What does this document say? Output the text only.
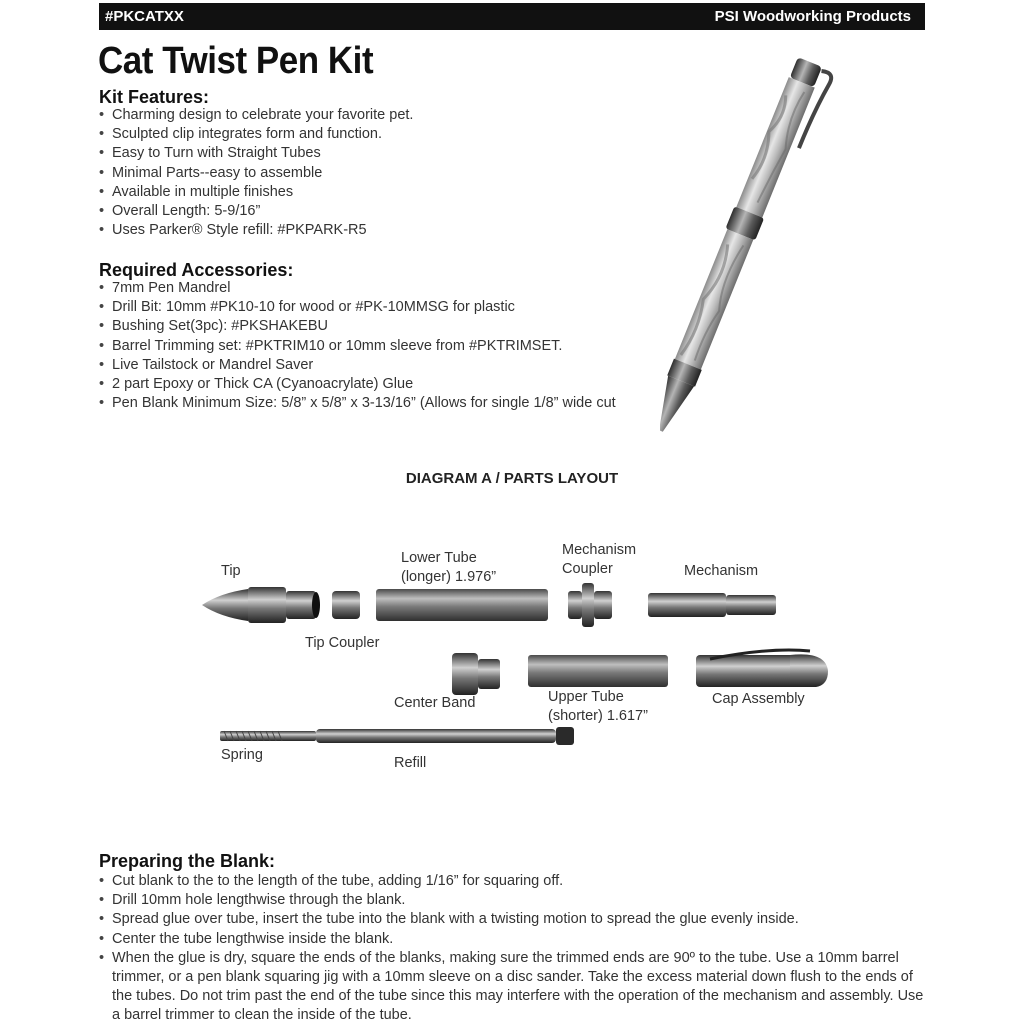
#PKCATXX	PSI Woodworking Products
Cat Twist Pen Kit
Kit Features:
• Charming design to celebrate your favorite pet.
• Sculpted clip integrates form and function.
• Easy to Turn with Straight Tubes
• Minimal Parts--easy to assemble
• Available in multiple finishes
• Overall Length: 5-9/16”
• Uses Parker® Style refill: #PKPARK-R5
Required Accessories:
• 7mm Pen Mandrel
• Drill Bit: 10mm #PK10-10 for wood or #PK-10MMSG for plastic
• Bushing Set(3pc): #PKSHAKEBU
• Barrel Trimming set: #PKTRIM10 or 10mm sleeve from #PKTRIMSET.
• Live Tailstock or Mandrel Saver
• 2 part Epoxy or Thick CA (Cyanoacrylate) Glue
• Pen Blank Minimum Size: 5/8” x 5/8” x 3-13/16” (Allows for single 1/8” wide cut
DIAGRAM A / PARTS LAYOUT
Tip
Lower Tube
(longer) 1.976”
Mechanism
Coupler	Mechanism
Tip Coupler
Center Band	Upper Tube
(shorter) 1.617”
Cap Assembly
Spring	Refill
Preparing the Blank:
• Cut blank to the to the length of the tube, adding 1/16” for squaring off.
• Drill 10mm hole lengthwise through the blank.
• Spread glue over tube, insert the tube into the blank with a twisting motion to spread the glue evenly inside.
• Center the tube lengthwise inside the blank.
• When the glue is dry, square the ends of the blanks, making sure the trimmed ends are 90º to the tube. Use a 10mm barrel trimmer, or a pen blank squaring jig with a 10mm sleeve on a disc sander. Take the excess material down flush to the ends of the tubes. Do not trim past the end of the tube since this may interfere with the operation of the mechanism and assembly. Use a barrel trimmer to clean the inside of the tube.
